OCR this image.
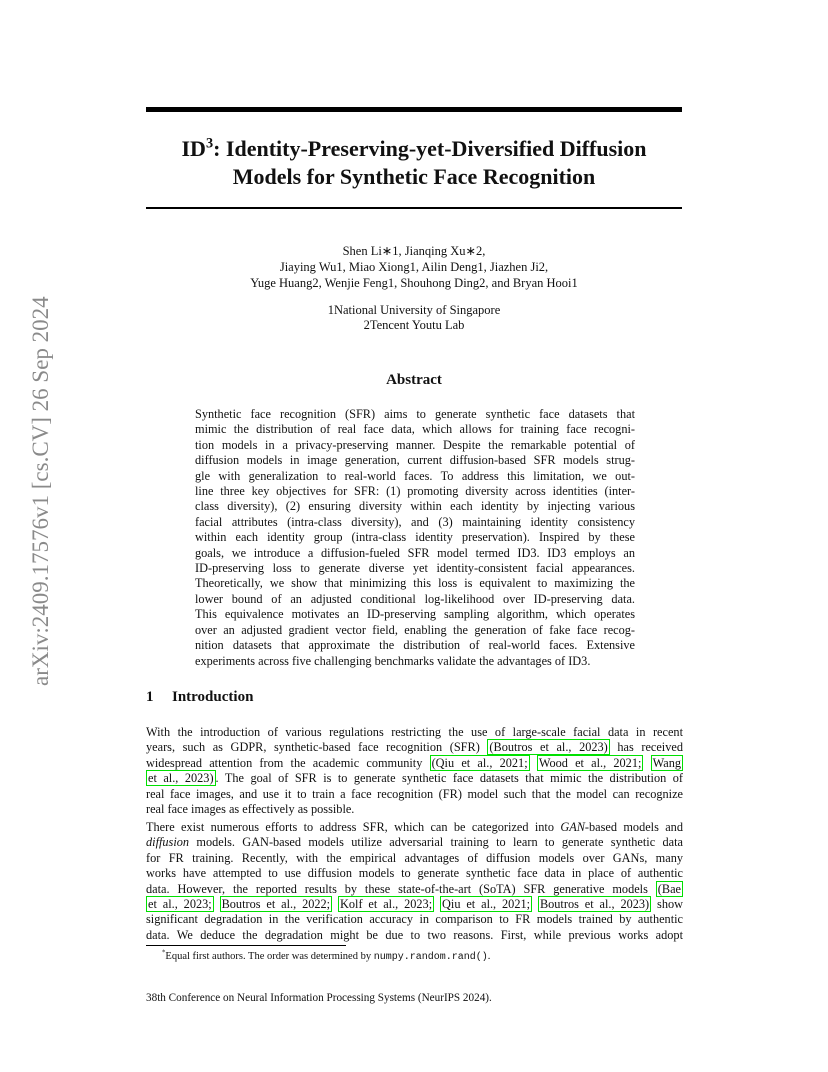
arXiv:2409.17576v1 [cs.CV] 26 Sep 2024
$ID^3$: Identity-Preserving-yet-Diversified Diffusion
Models for Synthetic Face Recognition
Shen Li∗1, Jianqing Xu∗2,
Jiaying Wu1, Miao Xiong1, Ailin Deng1, Jiazhen Ji2,
Yuge Huang2, Wenjie Feng1, Shouhong Ding2, and Bryan Hooi1
1National University of Singapore
2Tencent Youtu Lab
Abstract
Synthetic face recognition (SFR) aims to generate synthetic face datasets that
mimic the distribution of real face data, which allows for training face recogni-
tion models in a privacy-preserving manner. Despite the remarkable potential of
diffusion models in image generation, current diffusion-based SFR models strug-
gle with generalization to real-world faces. To address this limitation, we out-
line three key objectives for SFR: (1) promoting diversity across identities (inter-
class diversity), (2) ensuring diversity within each identity by injecting various
facial attributes (intra-class diversity), and (3) maintaining identity consistency
within each identity group (intra-class identity preservation). Inspired by these
goals, we introduce a diffusion-fueled SFR model termed ID3. ID3 employs an
ID-preserving loss to generate diverse yet identity-consistent facial appearances.
Theoretically, we show that minimizing this loss is equivalent to maximizing the
lower bound of an adjusted conditional log-likelihood over ID-preserving data.
This equivalence motivates an ID-preserving sampling algorithm, which operates
over an adjusted gradient vector field, enabling the generation of fake face recog-
nition datasets that approximate the distribution of real-world faces. Extensive
experiments across five challenging benchmarks validate the advantages of ID3.
1 Introduction
With the introduction of various regulations restricting the use of large-scale facial data in recent
years, such as GDPR, synthetic-based face recognition (SFR) (Boutros et al., 2023) has received
widespread attention from the academic community (Qiu et al., 2021; Wood et al., 2021; Wang
et al., 2023) . The goal of SFR is to generate synthetic face datasets that mimic the distribution of
real face images, and use it to train a face recognition (FR) model such that the model can recognize
real face images as effectively as possible.
There exist numerous efforts to address SFR, which can be categorized into GAN-based models and
diffusion models. GAN-based models utilize adversarial training to learn to generate synthetic data
for FR training. Recently, with the empirical advantages of diffusion models over GANs, many
works have attempted to use diffusion models to generate synthetic face data in place of authentic
data. However, the reported results by these state-of-the-art (SoTA) SFR generative models (Bae
et al., 2023; Boutros et al., 2022; Kolf et al., 2023; Qiu et al., 2021; Boutros et al., 2023) show
significant degradation in the verification accuracy in comparison to FR models trained by authentic
data. We deduce the degradation might be due to two reasons. First, while previous works adopt
*Equal first authors. The order was determined by numpy.random.rand().
38th Conference on Neural Information Processing Systems (NeurIPS 2024).
